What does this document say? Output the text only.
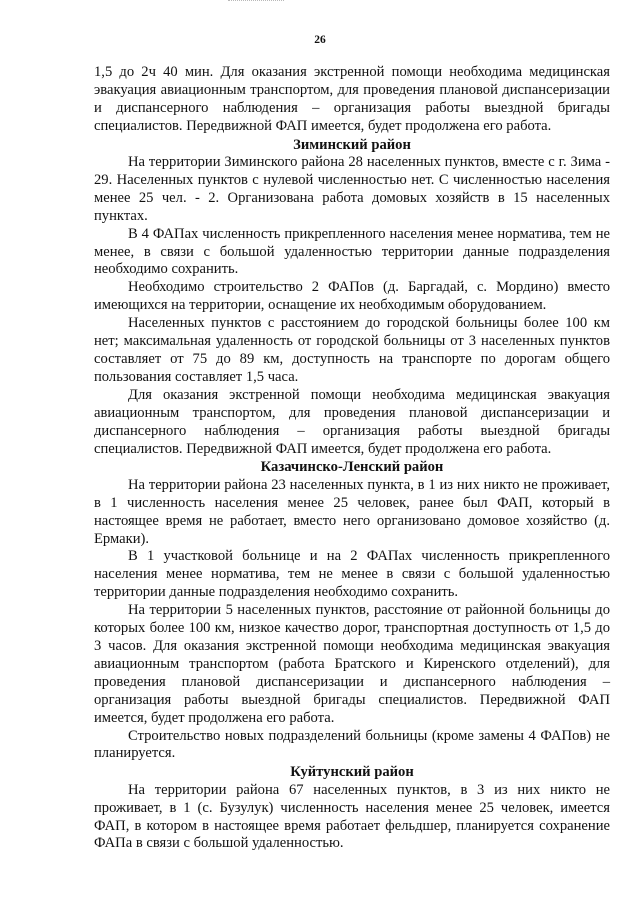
26

1,5 до 2ч 40 мин. Для оказания экстренной помощи необходима медицинская эвакуация авиационным транспортом, для проведения плановой диспансеризации и диспансерного наблюдения – организация работы выездной бригады специалистов. Передвижной ФАП имеется, будет продолжена его работа.

Зиминский район

На территории Зиминского района 28 населенных пунктов, вместе с г. Зима - 29. Населенных пунктов с нулевой численностью нет. С численностью населения менее 25 чел. - 2. Организована работа домовых хозяйств в 15 населенных пунктах.

В 4 ФАПах численность прикрепленного населения менее норматива, тем не менее, в связи с большой удаленностью территории данные подразделения необходимо сохранить.

Необходимо строительство 2 ФАПов (д. Баргадай, с. Мордино) вместо имеющихся на территории, оснащение их необходимым оборудованием.

Населенных пунктов с расстоянием до городской больницы более 100 км нет; максимальная удаленность от городской больницы от 3 населенных пунктов составляет от 75 до 89 км, доступность на транспорте по дорогам общего пользования составляет 1,5 часа.

Для оказания экстренной помощи необходима медицинская эвакуация авиационным транспортом, для проведения плановой диспансеризации и диспансерного наблюдения – организация работы выездной бригады специалистов. Передвижной ФАП имеется, будет продолжена его работа.

Казачинско-Ленский район

На территории района 23 населенных пункта, в 1 из них никто не проживает, в 1 численность населения менее 25 человек, ранее был ФАП, который в настоящее время не работает, вместо него организовано домовое хозяйство (д. Ермаки).

В 1 участковой больнице и на 2 ФАПах численность прикрепленного населения менее норматива, тем не менее в связи с большой удаленностью территории данные подразделения необходимо сохранить.

На территории 5 населенных пунктов, расстояние от районной больницы до которых более 100 км, низкое качество дорог, транспортная доступность от 1,5 до 3 часов. Для оказания экстренной помощи необходима медицинская эвакуация авиационным транспортом (работа Братского и Киренского отделений), для проведения плановой диспансеризации и диспансерного наблюдения – организация работы выездной бригады специалистов. Передвижной ФАП имеется, будет продолжена его работа.

Строительство новых подразделений больницы (кроме замены 4 ФАПов) не планируется.

Куйтунский район

На территории района 67 населенных пунктов, в 3 из них никто не проживает, в 1 (с. Бузулук) численность населения менее 25 человек, имеется ФАП, в котором в настоящее время работает фельдшер, планируется сохранение ФАПа в связи с большой удаленностью.
